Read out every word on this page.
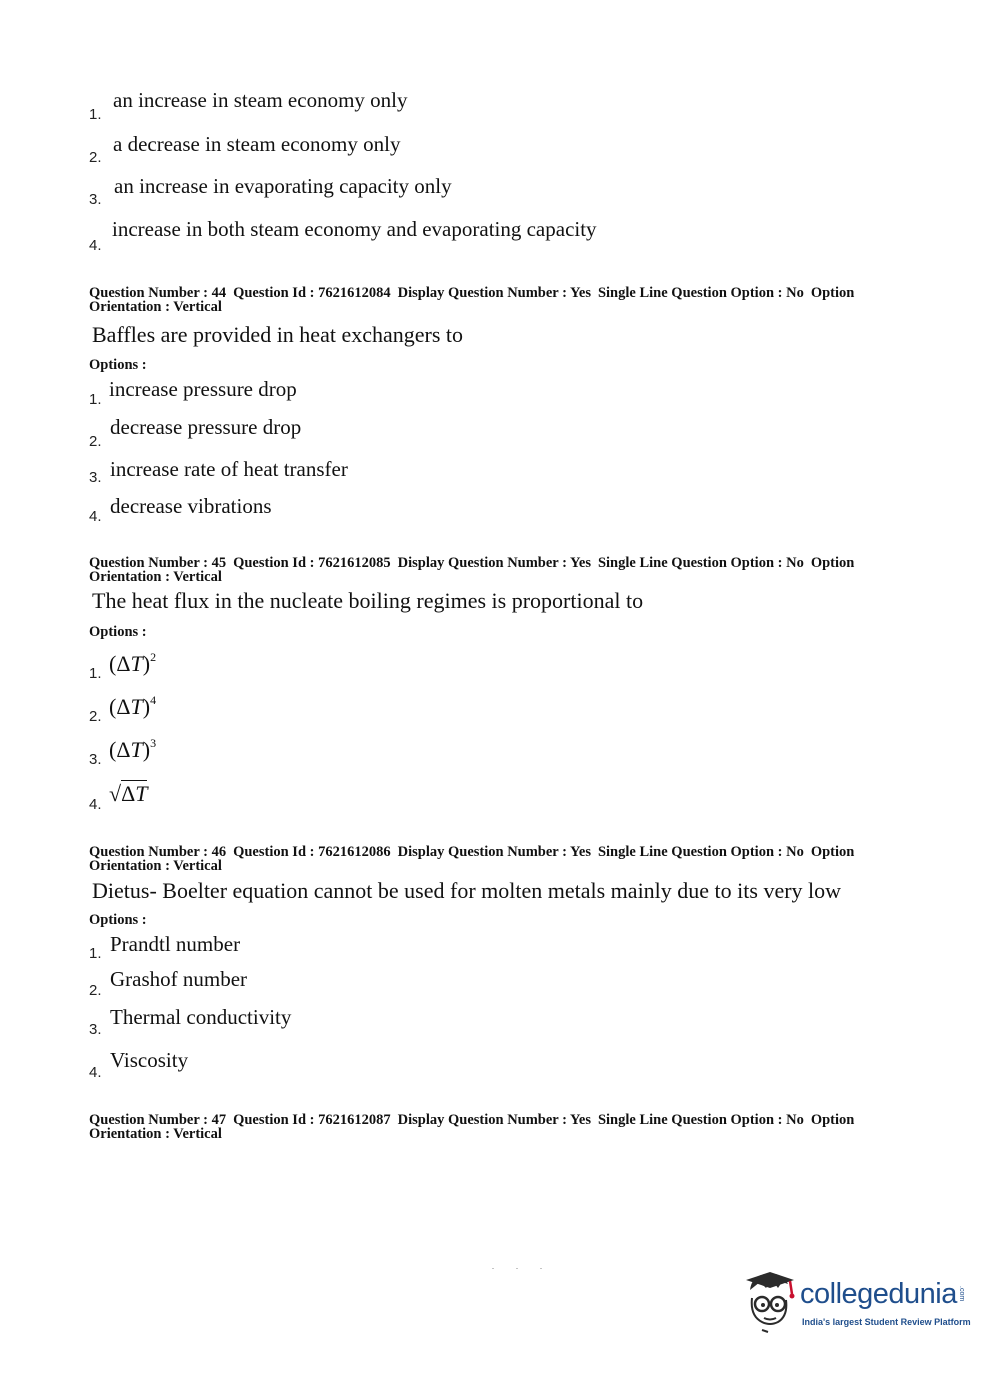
1.
an increase in steam economy only
2.
a decrease in steam economy only
3.
an increase in evaporating capacity only
4.
increase in both steam economy and evaporating capacity
Question Number : 44 Question Id : 7621612084 Display Question Number : Yes Single Line Question Option : No Option
Orientation : Vertical
Baffles are provided in heat exchangers to
Options :
1. increase pressure drop
2.
decrease pressure drop
3. increase rate of heat transfer
4. decrease vibrations
Question Number : 45 Question Id : 7621612085 Display Question Number : Yes Single Line Question Option : No Option
Orientation : Vertical
The heat flux in the nucleate boiling regimes is proportional to
Options :
1. $(\Delta T)^2$
2. $(\Delta T)^4$
3. $(\Delta T)^3$
4. √ΔT
Question Number : 46 Question Id : 7621612086 Display Question Number : Yes Single Line Question Option : No Option
Orientation : Vertical
Dietus- Boelter equation cannot be used for molten metals mainly due to its very low
Options :
1. Prandtl number
2. Grashof number
3.
Thermal conductivity
4.
Viscosity
Question Number : 47 Question Id : 7621612087 Display Question Number : Yes Single Line Question Option : No Option
Orientation : Vertical
. . .
collegedunia .com
India's largest Student Review Platform
